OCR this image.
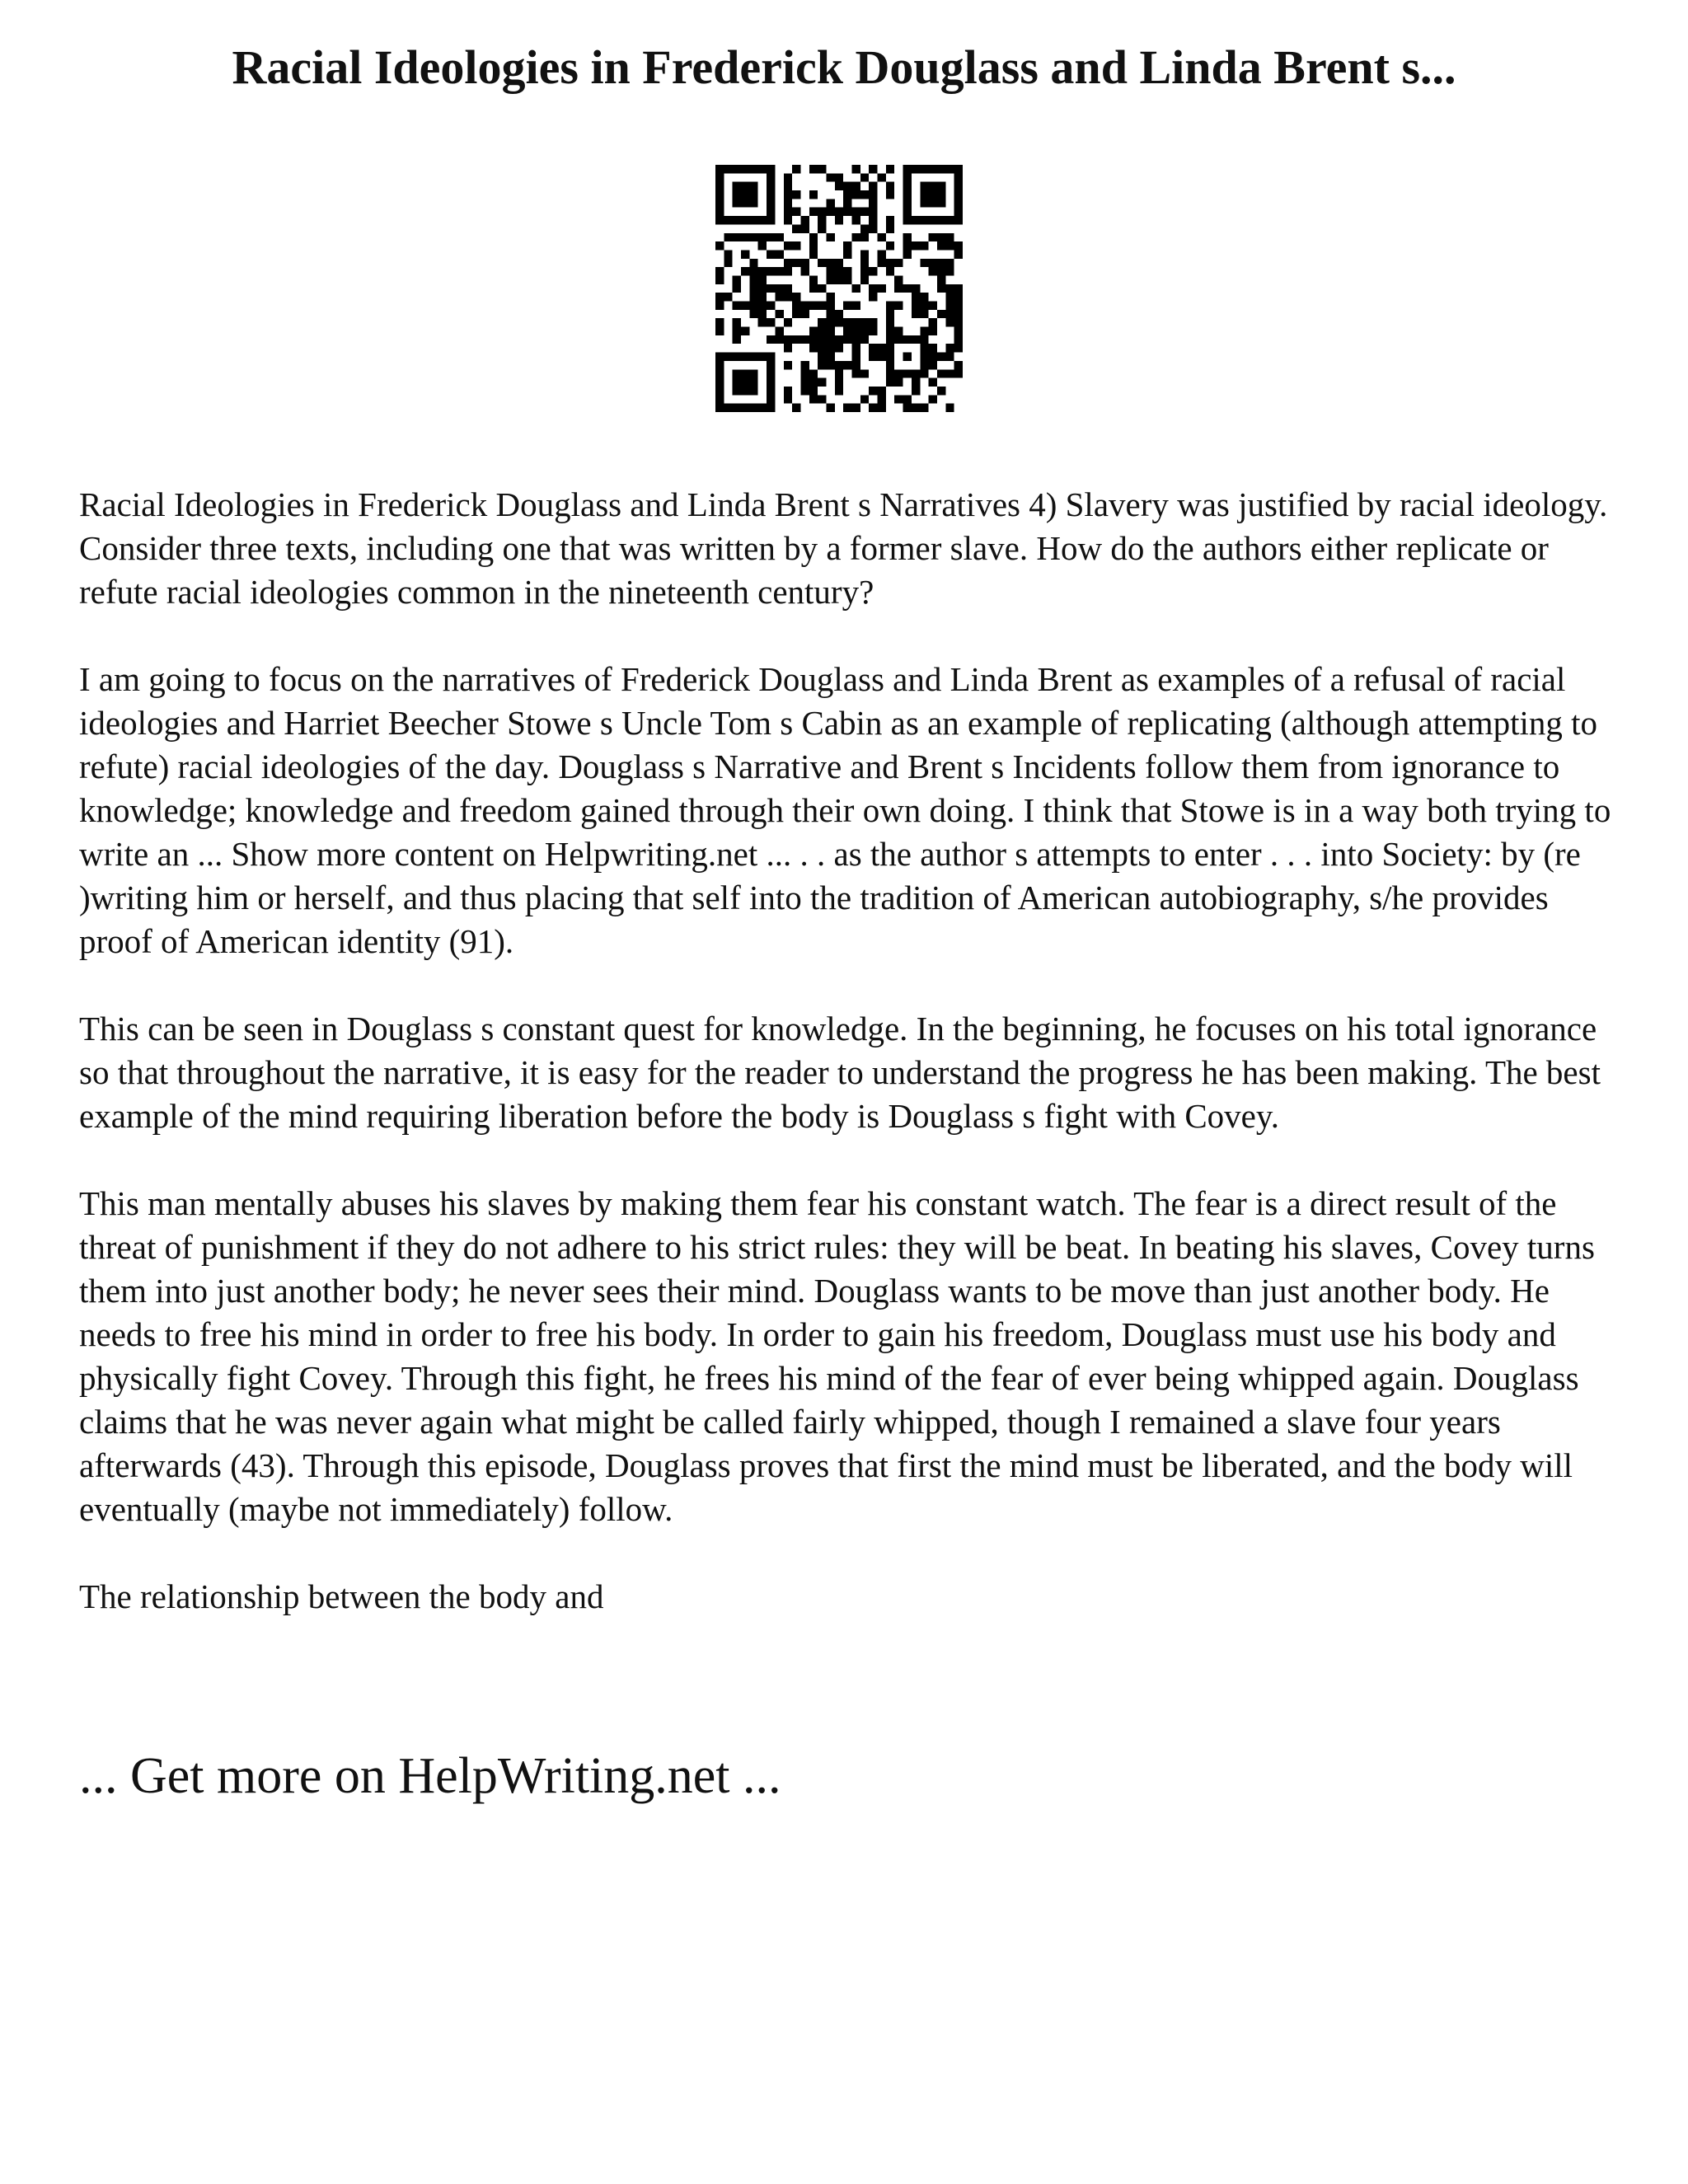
Racial Ideologies in Frederick Douglass and Linda Brent s...

Racial Ideologies in Frederick Douglass and Linda Brent s Narratives 4) Slavery was justified by racial ideology. Consider three texts, including one that was written by a former slave. How do the authors either replicate or refute racial ideologies common in the nineteenth century?

I am going to focus on the narratives of Frederick Douglass and Linda Brent as examples of a refusal of racial ideologies and Harriet Beecher Stowe s Uncle Tom s Cabin as an example of replicating (although attempting to refute) racial ideologies of the day. Douglass s Narrative and Brent s Incidents follow them from ignorance to knowledge; knowledge and freedom gained through their own doing. I think that Stowe is in a way both trying to write an ... Show more content on Helpwriting.net ... . . as the author s attempts to enter . . . into Society: by (re )writing him or herself, and thus placing that self into the tradition of American autobiography, s/he provides proof of American identity (91).

This can be seen in Douglass s constant quest for knowledge. In the beginning, he focuses on his total ignorance so that throughout the narrative, it is easy for the reader to understand the progress he has been making. The best example of the mind requiring liberation before the body is Douglass s fight with Covey.

This man mentally abuses his slaves by making them fear his constant watch. The fear is a direct result of the threat of punishment if they do not adhere to his strict rules: they will be beat. In beating his slaves, Covey turns them into just another body; he never sees their mind. Douglass wants to be move than just another body. He needs to free his mind in order to free his body. In order to gain his freedom, Douglass must use his body and physically fight Covey. Through this fight, he frees his mind of the fear of ever being whipped again. Douglass claims that he was never again what might be called fairly whipped, though I remained a slave four years afterwards (43). Through this episode, Douglass proves that first the mind must be liberated, and the body will eventually (maybe not immediately) follow.

The relationship between the body and

... Get more on HelpWriting.net ...
